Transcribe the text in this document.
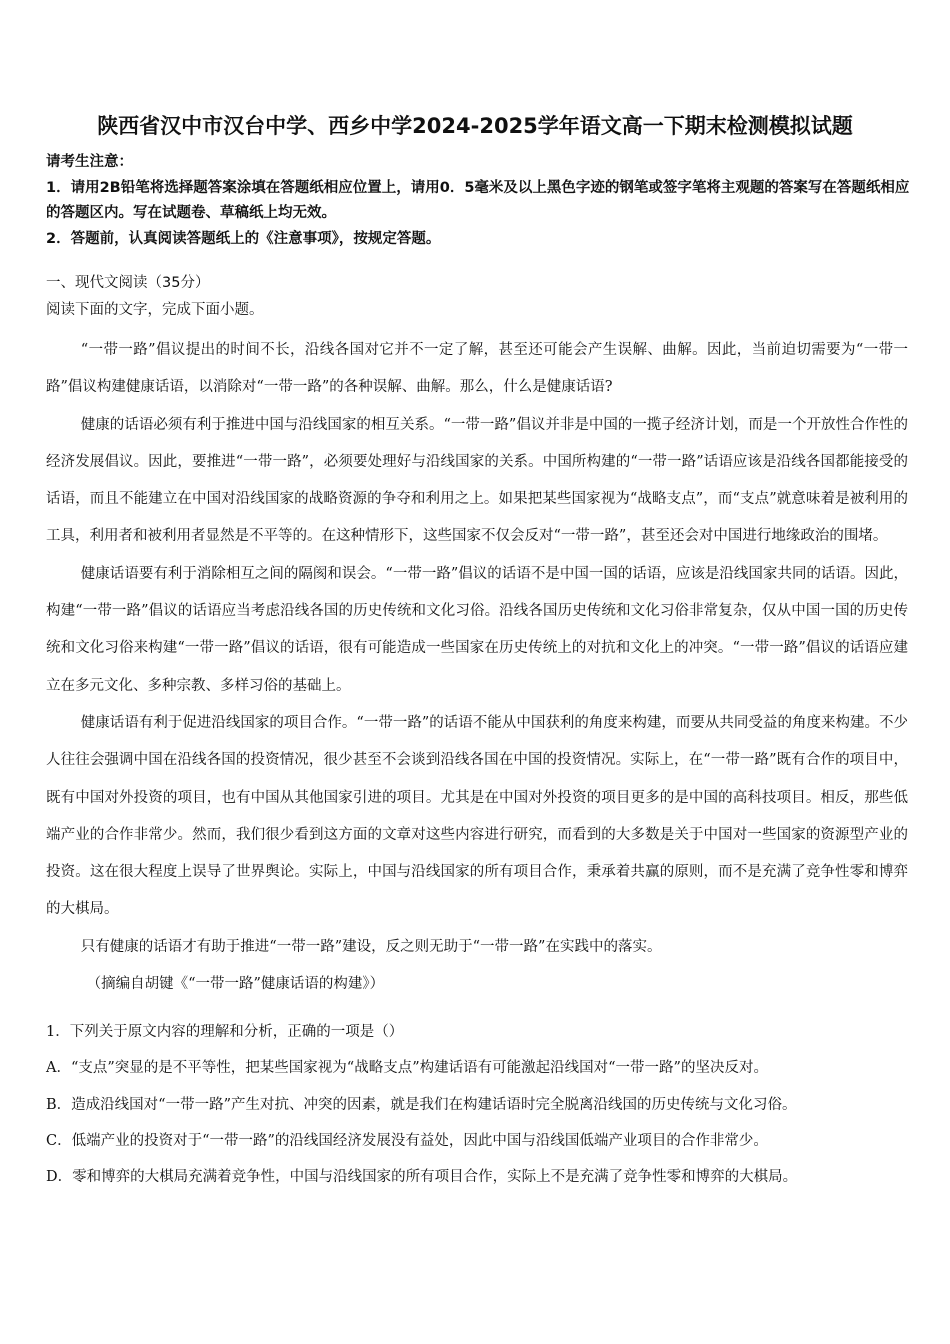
陕西省汉中市汉台中学、西乡中学2024-2025学年语文高一下期末检测模拟试题

请考生注意：

1．请用2B铅笔将选择题答案涂填在答题纸相应位置上，请用0．5毫米及以上黑色字迹的钢笔或签字笔将主观题的答案写在答题纸相应的答题区内。写在试题卷、草稿纸上均无效。

2．答题前，认真阅读答题纸上的《注意事项》，按规定答题。

一、现代文阅读（35分）
阅读下面的文字，完成下面小题。

“一带一路”倡议提出的时间不长，沿线各国对它并不一定了解，甚至还可能会产生误解、曲解。因此，当前迫切需要为“一带一路”倡议构建健康话语，以消除对“一带一路”的各种误解、曲解。那么，什么是健康话语?

健康的话语必须有利于推进中国与沿线国家的相互关系。“一带一路”倡议并非是中国的一揽子经济计划，而是一个开放性合作性的经济发展倡议。因此，要推进“一带一路”，必须要处理好与沿线国家的关系。中国所构建的“一带一路”话语应该是沿线各国都能接受的话语，而且不能建立在中国对沿线国家的战略资源的争夺和利用之上。如果把某些国家视为“战略支点”，而“支点”就意味着是被利用的工具，利用者和被利用者显然是不平等的。在这种情形下，这些国家不仅会反对“一带一路”，甚至还会对中国进行地缘政治的围堵。

健康话语要有利于消除相互之间的隔阂和误会。“一带一路”倡议的话语不是中国一国的话语，应该是沿线国家共同的话语。因此，构建“一带一路”倡议的话语应当考虑沿线各国的历史传统和文化习俗。沿线各国历史传统和文化习俗非常复杂，仅从中国一国的历史传统和文化习俗来构建“一带一路”倡议的话语，很有可能造成一些国家在历史传统上的对抗和文化上的冲突。“一带一路”倡议的话语应建立在多元文化、多种宗教、多样习俗的基础上。

健康话语有利于促进沿线国家的项目合作。“一带一路”的话语不能从中国获利的角度来构建，而要从共同受益的角度来构建。不少人往往会强调中国在沿线各国的投资情况，很少甚至不会谈到沿线各国在中国的投资情况。实际上，在“一带一路”既有合作的项目中，既有中国对外投资的项目，也有中国从其他国家引进的项目。尤其是在中国对外投资的项目更多的是中国的高科技项目。相反，那些低端产业的合作非常少。然而，我们很少看到这方面的文章对这些内容进行研究，而看到的大多数是关于中国对一些国家的资源型产业的投资。这在很大程度上误导了世界舆论。实际上，中国与沿线国家的所有项目合作，秉承着共赢的原则，而不是充满了竞争性零和博弈的大棋局。

只有健康的话语才有助于推进“一带一路”建设，反之则无助于“一带一路”在实践中的落实。

（摘编自胡键《“一带一路”健康话语的构建》）

1．下列关于原文内容的理解和分析，正确的一项是（）

A．“支点”突显的是不平等性，把某些国家视为“战略支点”构建话语有可能激起沿线国对“一带一路”的坚决反对。

B．造成沿线国对“一带一路”产生对抗、冲突的因素，就是我们在构建话语时完全脱离沿线国的历史传统与文化习俗。

C．低端产业的投资对于“一带一路”的沿线国经济发展没有益处，因此中国与沿线国低端产业项目的合作非常少。

D．零和博弈的大棋局充满着竞争性，中国与沿线国家的所有项目合作，实际上不是充满了竞争性零和博弈的大棋局。
